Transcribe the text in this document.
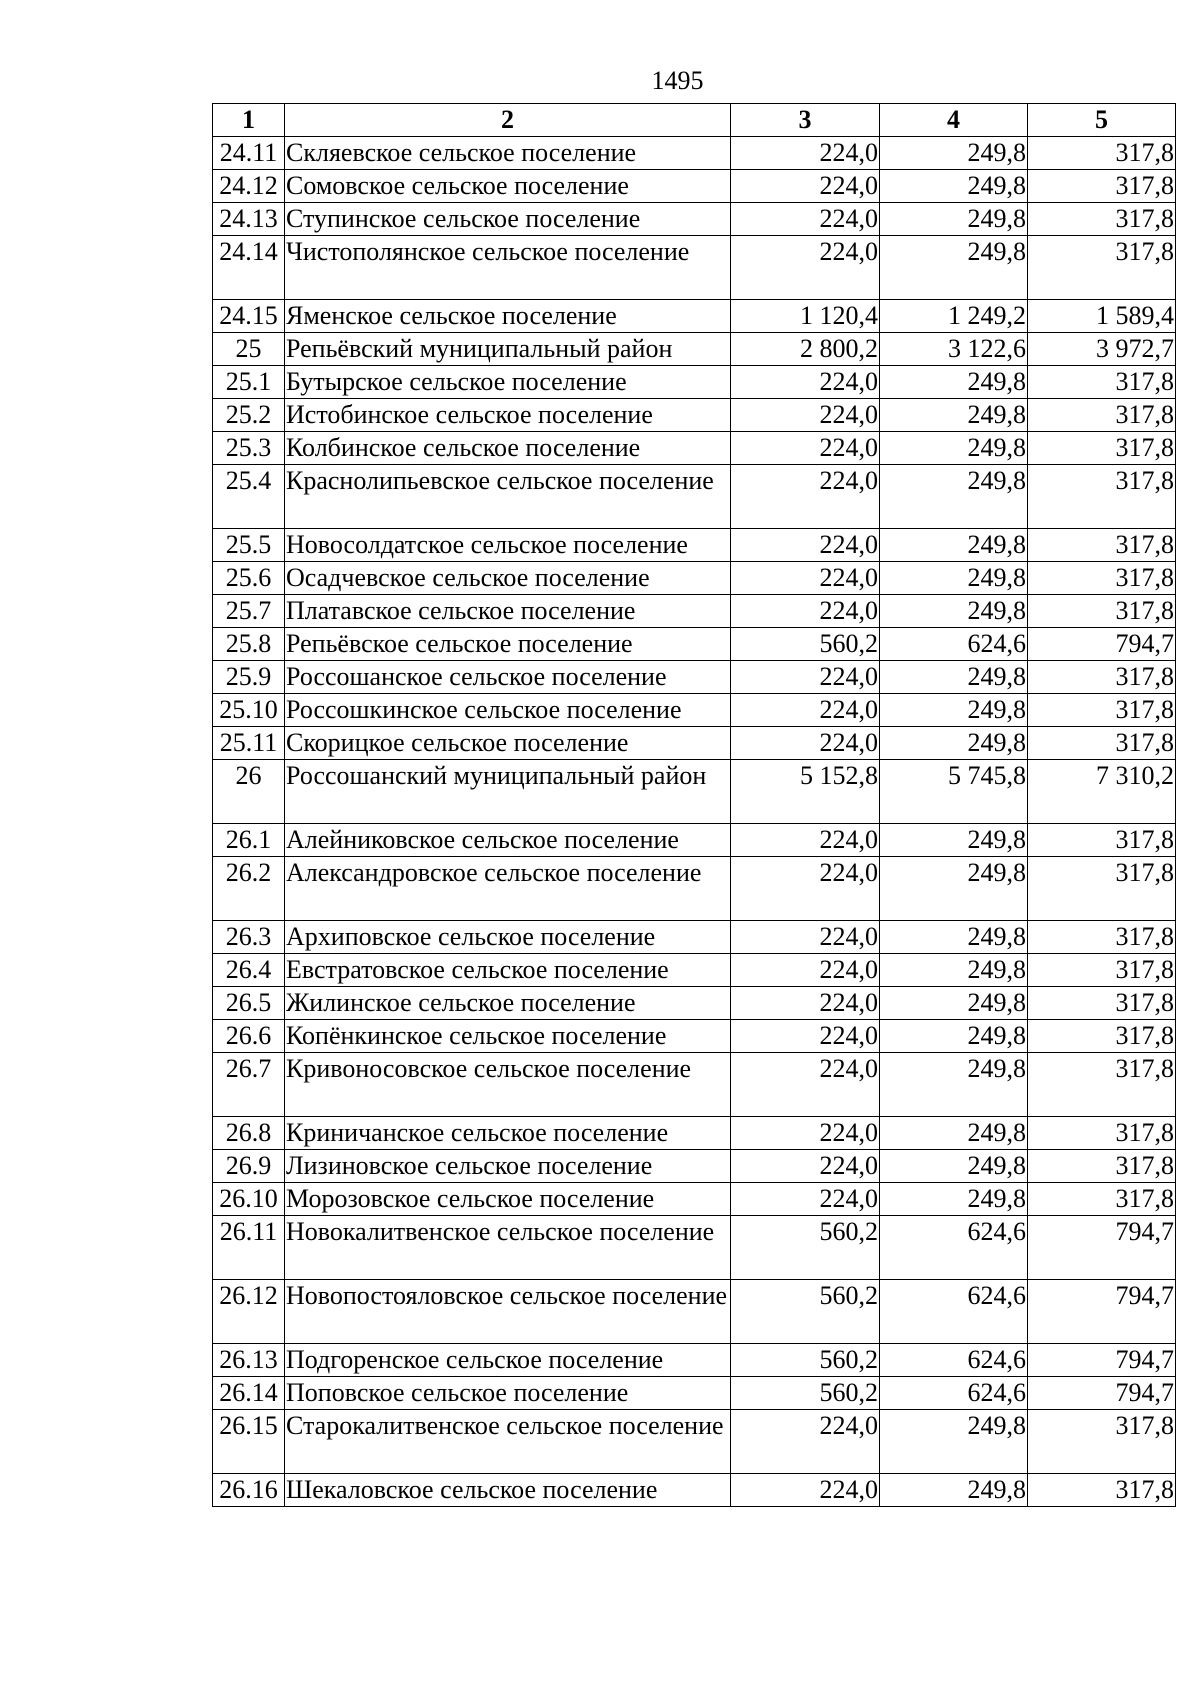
1495
1	2	3	4	5
24.11	Скляевское сельское поселение	224,0	249,8	317,8
24.12	Сомовское сельское поселение	224,0	249,8	317,8
24.13	Ступинское сельское поселение	224,0	249,8	317,8
24.14	Чистополянское сельское поселение	224,0	249,8	317,8
24.15	Яменское сельское поселение	1 120,4	1 249,2	1 589,4
25	Репьёвский муниципальный район	2 800,2	3 122,6	3 972,7
25.1	Бутырское сельское поселение	224,0	249,8	317,8
25.2	Истобинское сельское поселение	224,0	249,8	317,8
25.3	Колбинское сельское поселение	224,0	249,8	317,8
25.4	Краснолипьевское сельское поселение	224,0	249,8	317,8
25.5	Новосолдатское сельское поселение	224,0	249,8	317,8
25.6	Осадчевское сельское поселение	224,0	249,8	317,8
25.7	Платавское сельское поселение	224,0	249,8	317,8
25.8	Репьёвское сельское поселение	560,2	624,6	794,7
25.9	Россошанское сельское поселение	224,0	249,8	317,8
25.10	Россошкинское сельское поселение	224,0	249,8	317,8
25.11	Скорицкое сельское поселение	224,0	249,8	317,8
26	Россошанский муниципальный район	5 152,8	5 745,8	7 310,2
26.1	Алейниковское сельское поселение	224,0	249,8	317,8
26.2	Александровское сельское поселение	224,0	249,8	317,8
26.3	Архиповское сельское поселение	224,0	249,8	317,8
26.4	Евстратовское сельское поселение	224,0	249,8	317,8
26.5	Жилинское сельское поселение	224,0	249,8	317,8
26.6	Копёнкинское сельское поселение	224,0	249,8	317,8
26.7	Кривоносовское сельское поселение	224,0	249,8	317,8
26.8	Криничанское сельское поселение	224,0	249,8	317,8
26.9	Лизиновское сельское поселение	224,0	249,8	317,8
26.10	Морозовское сельское поселение	224,0	249,8	317,8
26.11	Новокалитвенское сельское поселение	560,2	624,6	794,7
26.12	Новопостояловское сельское поселение	560,2	624,6	794,7
26.13	Подгоренское сельское поселение	560,2	624,6	794,7
26.14	Поповское сельское поселение	560,2	624,6	794,7
26.15	Старокалитвенское сельское поселение	224,0	249,8	317,8
26.16	Шекаловское сельское поселение	224,0	249,8	317,8
